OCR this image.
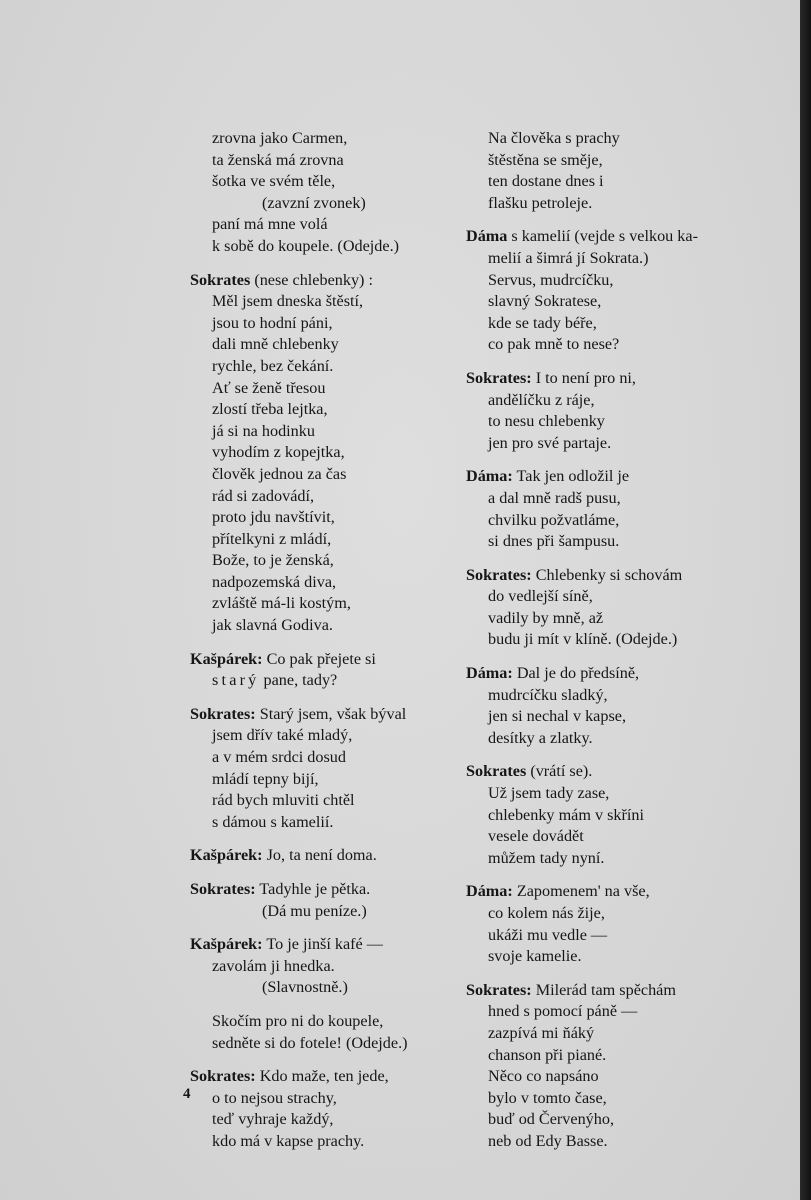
zrovna jako Carmen,
ta ženská má zrovna
šotka ve svém těle,
(zavzní zvonek)
paní má mne volá
k sobě do koupele. (Odejde.)
Sokrates (nese chlebenky) :
Měl jsem dneska štěstí,
jsou to hodní páni,
dali mně chlebenky
rychle, bez čekání.
Ať se ženě třesou
zlostí třeba lejtka,
já si na hodinku
vyhodím z kopejtka,
člověk jednou za čas
rád si zadovádí,
proto jdu navštívit,
přítelkyni z mládí,
Bože, to je ženská,
nadpozemská diva,
zvláště má-li kostým,
jak slavná Godiva.
Kašpárek: Co pak přejete si
starý pane, tady?
Sokrates: Starý jsem, však býval
jsem dřív také mladý,
a v mém srdci dosud
mládí tepny bijí,
rád bych mluviti chtěl
s dámou s kamelií.
Kašpárek: Jo, ta není doma.
Sokrates: Tadyhle je pětka.
(Dá mu peníze.)
Kašpárek: To je jinší kafé —
zavolám ji hnedka.
(Slavnostně.)
Skočím pro ni do koupele,
sedněte si do fotele! (Odejde.)
Sokrates: Kdo maže, ten jede,
o to nejsou strachy,
teď vyhraje každý,
kdo má v kapse prachy.
Na člověka s prachy
štěstěna se směje,
ten dostane dnes i
flašku petroleje.
Dáma s kamelií (vejde s velkou ka-
melií a šimrá jí Sokrata.)
Servus, mudrcíčku,
slavný Sokratese,
kde se tady béře,
co pak mně to nese?
Sokrates: I to není pro ni,
andělíčku z ráje,
to nesu chlebenky
jen pro své partaje.
Dáma: Tak jen odložil je
a dal mně radš pusu,
chvilku požvatláme,
si dnes při šampusu.
Sokrates: Chlebenky si schovám
do vedlejší síně,
vadily by mně, až
budu ji mít v klíně. (Odejde.)
Dáma: Dal je do předsíně,
mudrcíčku sladký,
jen si nechal v kapse,
desítky a zlatky.
Sokrates (vrátí se).
Už jsem tady zase,
chlebenky mám v skříni
vesele dovádět
můžem tady nyní.
Dáma: Zapomenem' na vše,
co kolem nás žije,
ukáži mu vedle —
svoje kamelie.
Sokrates: Milerád tam spěchám
hned s pomocí páně —
zazpívá mi ňáký
chanson při piané.
Něco co napsáno
bylo v tomto čase,
buď od Červenýho,
neb od Edy Basse.
4
